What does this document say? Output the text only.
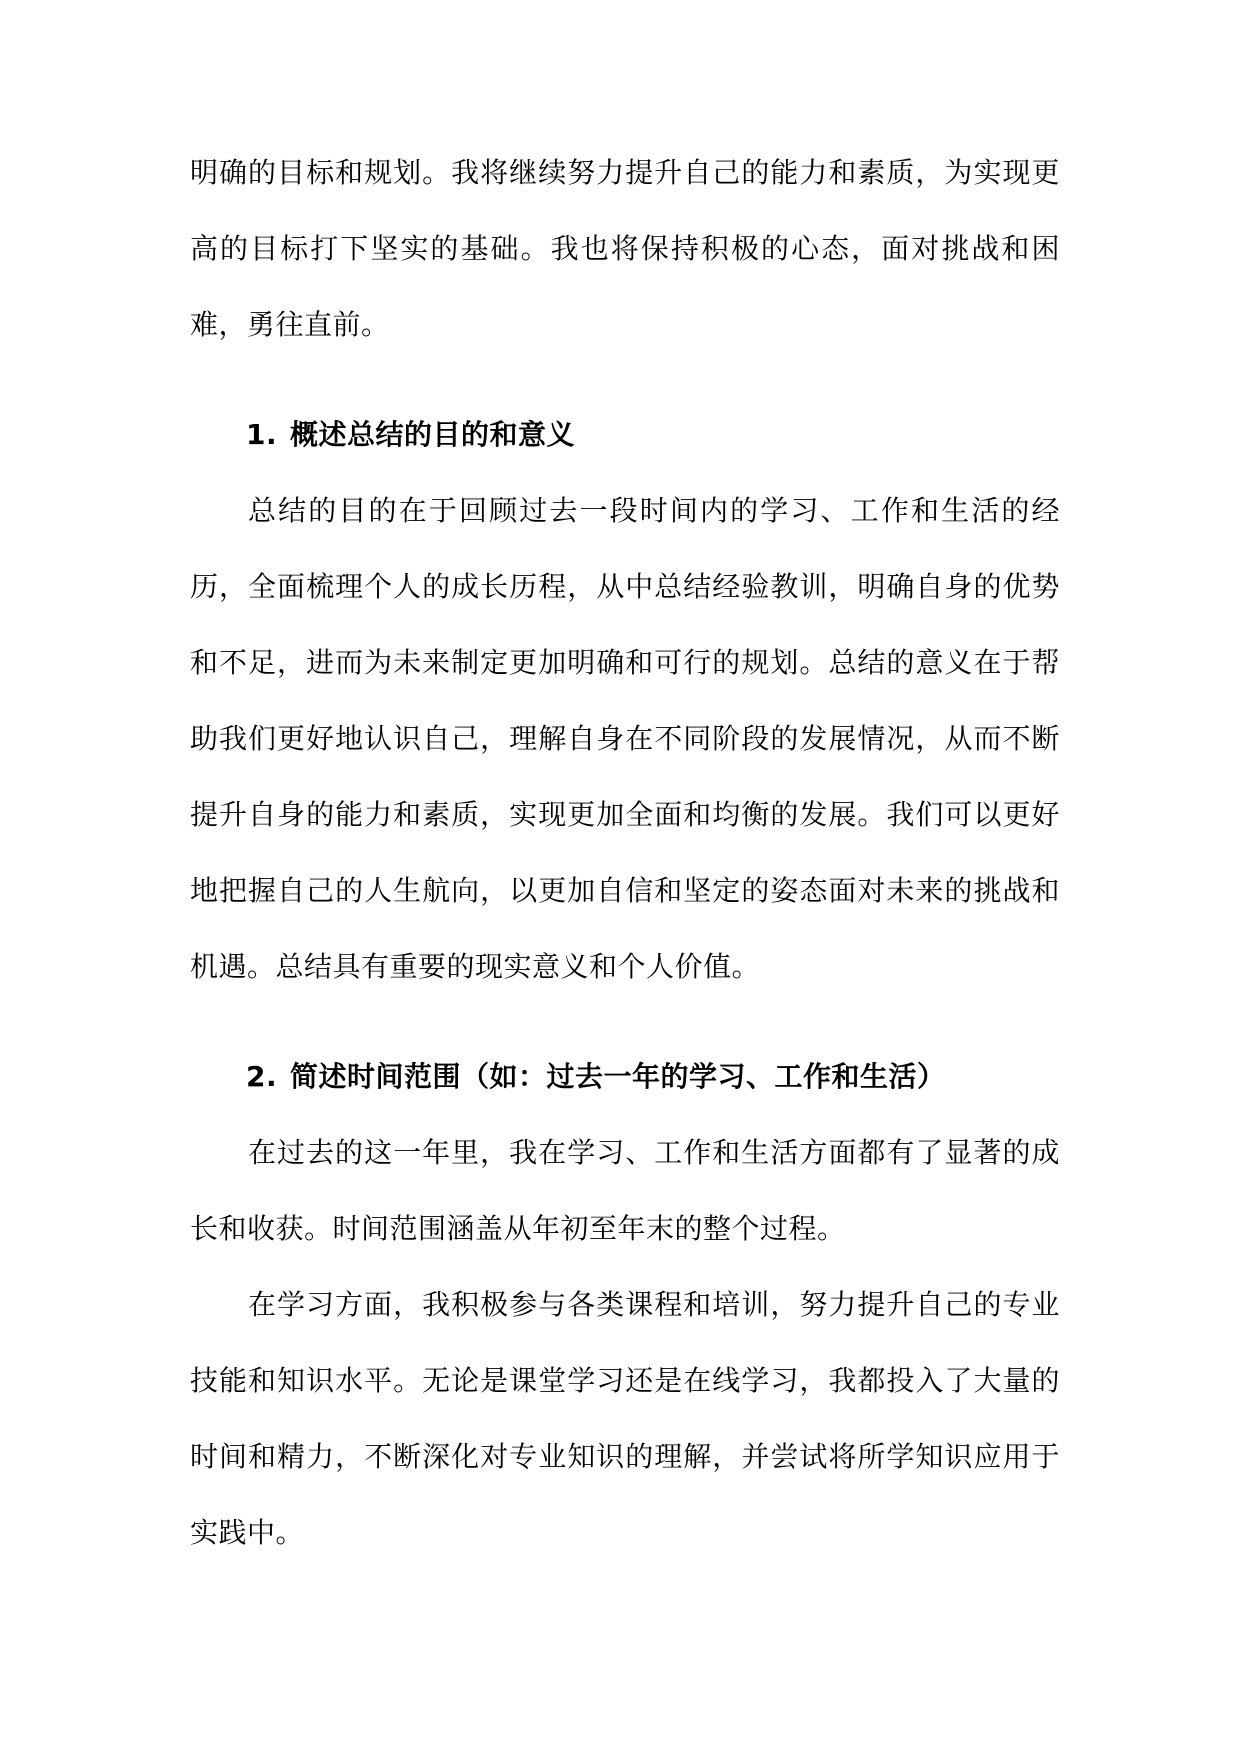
明确的目标和规划。我将继续努力提升自己的能力和素质，为实现更高的目标打下坚实的基础。我也将保持积极的心态，面对挑战和困难，勇往直前。

1. 概述总结的目的和意义

总结的目的在于回顾过去一段时间内的学习、工作和生活的经历，全面梳理个人的成长历程，从中总结经验教训，明确自身的优势和不足，进而为未来制定更加明确和可行的规划。总结的意义在于帮助我们更好地认识自己，理解自身在不同阶段的发展情况，从而不断提升自身的能力和素质，实现更加全面和均衡的发展。我们可以更好地把握自己的人生航向，以更加自信和坚定的姿态面对未来的挑战和机遇。总结具有重要的现实意义和个人价值。

2. 简述时间范围（如：过去一年的学习、工作和生活）

在过去的这一年里，我在学习、工作和生活方面都有了显著的成长和收获。时间范围涵盖从年初至年末的整个过程。

在学习方面，我积极参与各类课程和培训，努力提升自己的专业技能和知识水平。无论是课堂学习还是在线学习，我都投入了大量的时间和精力，不断深化对专业知识的理解，并尝试将所学知识应用于实践中。
